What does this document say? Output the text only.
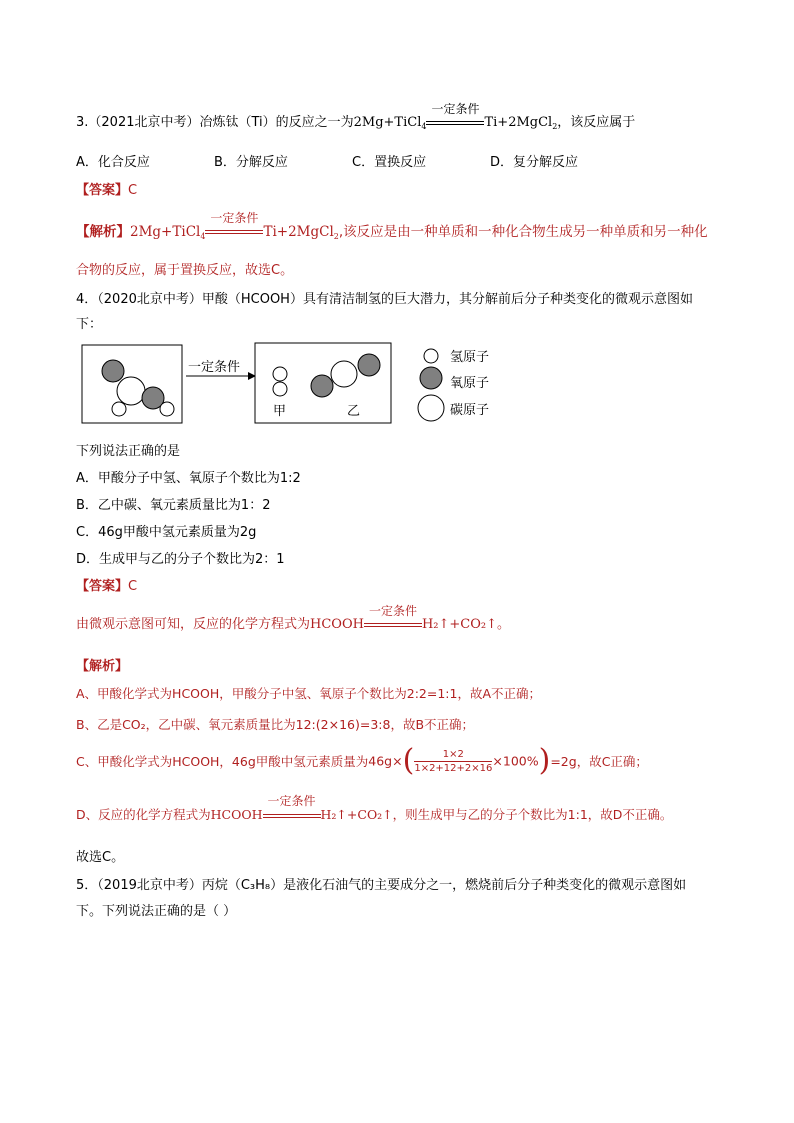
3.（2021北京中考）冶炼钛（Ti）的反应之一为2Mg+TiCl$_4$
一定条件
Ti+2MgCl$_2$，该反应属于
A．化合反应	B．分解反应	C．置换反应	D．复分解反应
【答案】C
【解析】2Mg+TiCl$_4$
一定条件
Ti+2MgCl$_2$,该反应是由一种单质和一种化合物生成另一种单质和另一种化
合物的反应，属于置换反应，故选C。
4．（2020北京中考）甲酸（HCOOH）具有清洁制氢的巨大潜力，其分解前后分子种类变化的微观示意图如
下：
一定条件
甲	乙
氢原子
氧原子
碳原子
下列说法正确的是
A．甲酸分子中氢、氧原子个数比为1:2
B．乙中碳、氧元素质量比为1：2
C．46g甲酸中氢元素质量为2g
D．生成甲与乙的分子个数比为2：1
【答案】C
由微观示意图可知，反应的化学方程式为HCOOH
一定条件
H₂↑+CO₂↑。
【解析】
A、甲酸化学式为HCOOH，甲酸分子中氢、氧原子个数比为2:2=1:1，故A不正确；
B、乙是CO₂，乙中碳、氧元素质量比为12:(2×16)=3:8，故B不正确；
C、甲酸化学式为HCOOH，46g甲酸中氢元素质量为$46g\times( \frac{1\times 2}{1\times 2+12+2\times 16} \times 100\%)=2g$，故C正确；
D、反应的化学方程式为HCOOH
一定条件
H₂↑+CO₂↑，则生成甲与乙的分子个数比为1:1，故D不正确。
故选C。
5．（2019北京中考）丙烷（C₃H₈）是液化石油气的主要成分之一，燃烧前后分子种类变化的微观示意图如
下。下列说法正确的是（ ）
